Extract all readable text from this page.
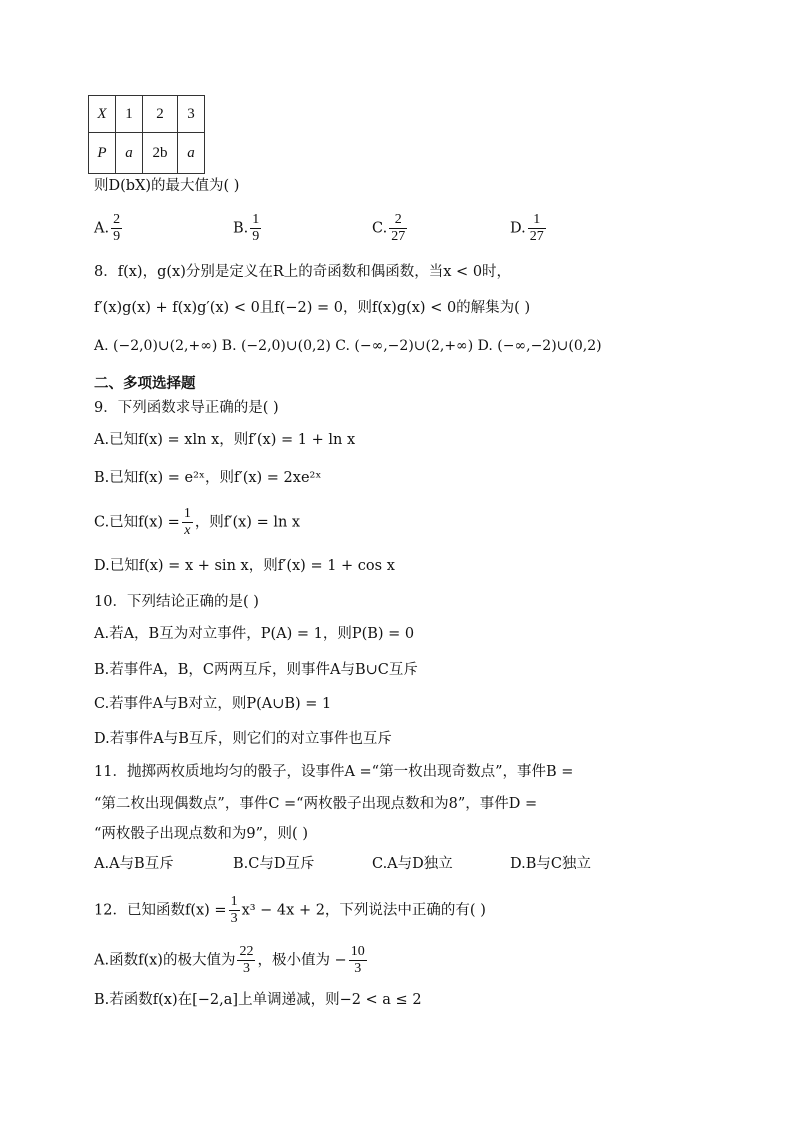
X	1	2	3
P	a	2b	a
则D(bX)的最大值为( )
A. $\frac{2}{9}$	B. $\frac{1}{9}$	C. $\frac{2}{27}$	D. $\frac{1}{27}$
8．f(x)，g(x)分别是定义在R上的奇函数和偶函数，当x < 0时，
f′(x)g(x) + f(x)g′(x) < 0且f(−2) = 0，则f(x)g(x) < 0的解集为( )
A. (−2,0)∪(2,+∞) B. (−2,0)∪(0,2) C. (−∞,−2)∪(2,+∞) D. (−∞,−2)∪(0,2)
二、多项选择题
9．下列函数求导正确的是( )
A.已知f(x) = xln x，则f′(x) = 1 + ln x
B.已知f(x) = e²ˣ，则f′(x) = 2xe²ˣ
C.已知$f(x) = \frac{1}{x}$ ，则f′(x) = ln x
D.已知f(x) = x + sin x，则f′(x) = 1 + cos x
10．下列结论正确的是( )
A.若A，B互为对立事件，P(A) = 1，则P(B) = 0
B.若事件A，B，C两两互斥，则事件A与B∪C互斥
C.若事件A与B对立，则P(A∪B) = 1
D.若事件A与B互斥，则它们的对立事件也互斥
11．抛掷两枚质地均匀的骰子，设事件A =“第一枚出现奇数点”，事件B =
“第二枚出现偶数点”，事件C =“两枚骰子出现点数和为8”，事件D =
“两枚骰子出现点数和为9”，则( )
A.A与B互斥	B.C与D互斥	C.A与D独立	D.B与C独立
12．已知函数$f(x) = \frac{1}{3} x^3 - 4x + 2$，下列说法中正确的有( )
A.函数f(x)的极大值为 $\frac{22}{3}$ ，极小值为 − $\frac{10}{3}$
B.若函数f(x)在[−2,a]上单调递减，则−2 < a ≤ 2
